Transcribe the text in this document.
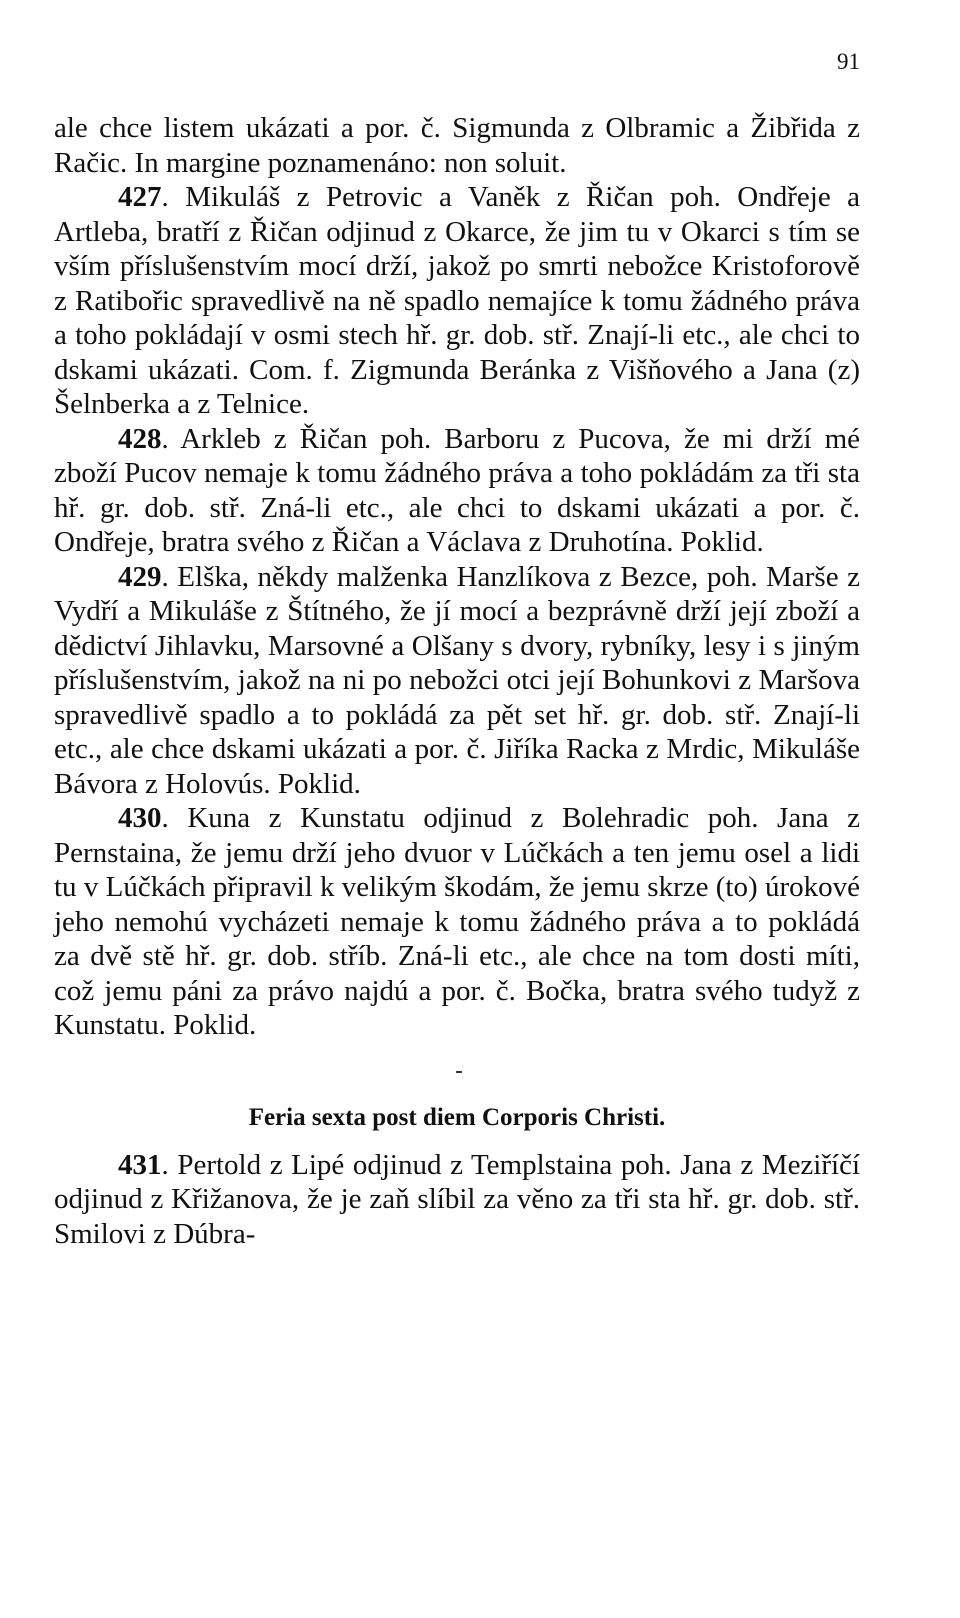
91

ale chce listem ukázati a por. č. Sigmunda z Olbramic a Žibřida z Račic. In margine poznamenáno: non soluit.

427. Mikuláš z Petrovic a Vaněk z Řičan poh. Ondřeje a Artleba, bratří z Řičan odjinud z Okarce, že jim tu v Okarci s tím se vším příslušenstvím mocí drží, jakož po smrti nebožce Kristoforově z Ratibořic spravedlivě na ně spadlo nemajíce k tomu žádného práva a toho pokládají v osmi stech hř. gr. dob. stř. Znají-li etc., ale chci to dskami ukázati. Com. f. Zigmunda Beránka z Višňového a Jana (z) Šelnberka a z Telnice.

428. Arkleb z Řičan poh. Barboru z Pucova, že mi drží mé zboží Pucov nemaje k tomu žádného práva a toho pokládám za tři sta hř. gr. dob. stř. Zná-li etc., ale chci to dskami ukázati a por. č. Ondřeje, bratra svého z Řičan a Václava z Druhotína. Poklid.

429. Elška, někdy malženka Hanzlíkova z Bezce, poh. Marše z Vydří a Mikuláše z Štítného, že jí mocí a bezprávně drží její zboží a dědictví Jihlavku, Marsovné a Olšany s dvory, rybníky, lesy i s jiným příslušenstvím, jakož na ni po nebožci otci její Bohunkovi z Maršova spravedlivě spadlo a to pokládá za pět set hř. gr. dob. stř. Znají-li etc., ale chce dskami ukázati a por. č. Jiříka Racka z Mrdic, Mikuláše Bávora z Holovús. Poklid.

430. Kuna z Kunstatu odjinud z Bolehradic poh. Jana z Pernstaina, že jemu drží jeho dvuor v Lúčkách a ten jemu osel a lidi tu v Lúčkách připravil k velikým škodám, že jemu skrze (to) úrokové jeho nemohú vycházeti nemaje k tomu žádného práva a to pokládá za dvě stě hř. gr. dob. stříb. Zná-li etc., ale chce na tom dosti míti, což jemu páni za právo najdú a por. č. Bočka, bratra svého tudyž z Kunstatu. Poklid.

Feria sexta post diem Corporis Christi.

431. Pertold z Lipé odjinud z Templstaina poh. Jana z Meziříčí odjinud z Křižanova, že je zaň slíbil za věno za tři sta hř. gr. dob. stř. Smilovi z Dúbra-
